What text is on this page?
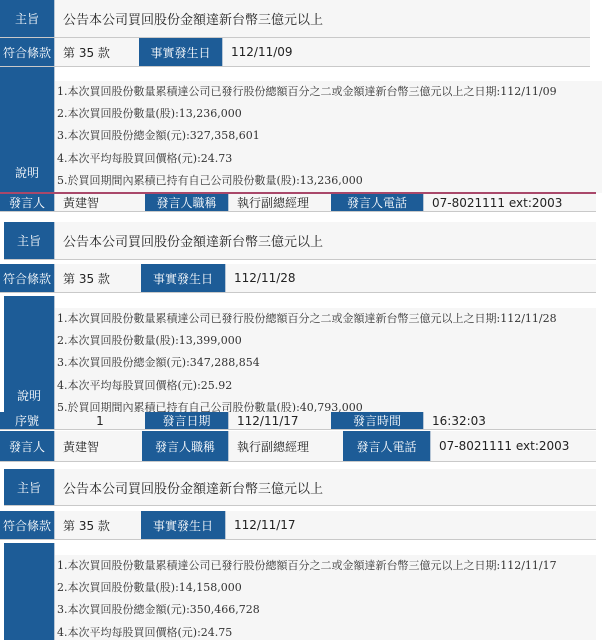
主旨	公告本公司買回股份金額達新台幣三億元以上
符合條款	第 35 款	事實發生日	112/11/09
說明
1.本次買回股份數量累積達公司已發行股份總額百分之二或金額達新台幣三億元以上之日期:112/11/09
2.本次買回股份數量(股):13,236,000
3.本次買回股份總金額(元):327,358,601
4.本次平均每股買回價格(元):24.73
5.於買回期間內累積已持有自己公司股份數量(股):13,236,000
發言人	黃建智	發言人職稱	執行副總經理	發言人電話	07-8021111 ext:2003
主旨	公告本公司買回股份金額達新台幣三億元以上
符合條款	第 35 款	事實發生日	112/11/28
說明
1.本次買回股份數量累積達公司已發行股份總額百分之二或金額達新台幣三億元以上之日期:112/11/28
2.本次買回股份數量(股):13,399,000
3.本次買回股份總金額(元):347,288,854
4.本次平均每股買回價格(元):25.92
5.於買回期間內累積已持有自己公司股份數量(股):40,793,000
序號	1	發言日期	112/11/17	發言時間	16:32:03
發言人	黃建智	發言人職稱	執行副總經理	發言人電話	07-8021111 ext:2003
主旨	公告本公司買回股份金額達新台幣三億元以上
符合條款	第 35 款	事實發生日	112/11/17
1.本次買回股份數量累積達公司已發行股份總額百分之二或金額達新台幣三億元以上之日期:112/11/17
2.本次買回股份數量(股):14,158,000
3.本次買回股份總金額(元):350,466,728
4.本次平均每股買回價格(元):24.75
